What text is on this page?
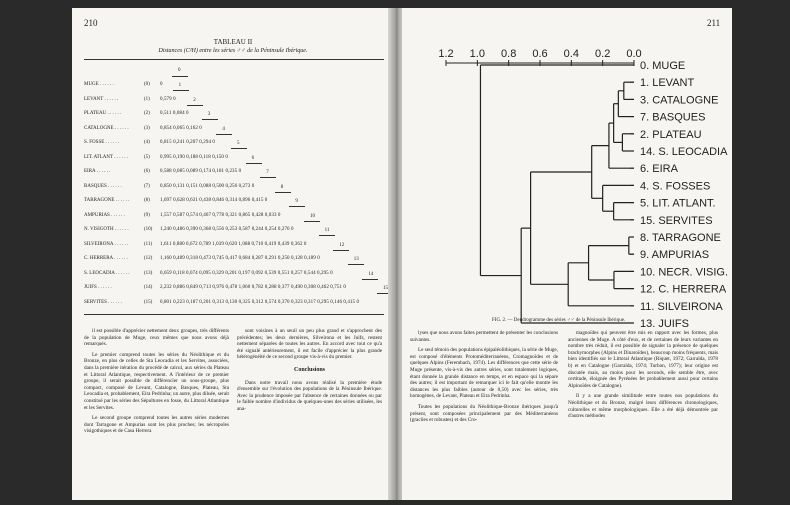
210
TABLEAU II
Distances (C²H) entre les séries ♂♂ de la Péninsule Ibérique.
0
MUGE . . . . . .	(0)	0	1
LEVANT . . . . . .	(1)	0,579 0	2
PLATEAU . . . . . .	(2)	0,511 0,084 0	3
CATALOGNE . . . . . .	(3)	0,854 0,065 0,162 0	4
S. FOSSE . . . . . .	(4)	0,815 0,241 0,207 0,294 0	5
LIT. ATLANT . . . . . .	(5)	0,995 0,190 0,188 0,118 0,150 0	6
EIRA . . . . . .	(6)	0,588 0,085 0,089 0,174 0,181 0,235 0	7
BASQUES . . . . . .	(7)	0,850 0,131 0,151 0,088 0,500 0,256 0,273 0	8
TARRAGONE . . . . . .	(8)	1,697 0,628 0,631 0,438 0,846 0,314 0,896 0,415 0	9
AMPURIAS . . . . . .	(9)	1,557 0,587 0,574 0,467 0,778 0,321 0,865 0,428 0,033 0	10
N. VISIGOTH . . . . . .	(10)	1,240 0,486 0,390 0,368 0,556 0,253 0,587 0,244 0,254 0,276 0	11
SILVEIRONA . . . . . .	(11)	1,611 0,880 0,672 0,789 1,039 0,620 1,088 0,710 0,419 0,439 0,362 0	12
C. HERRERA . . . . . .	(12)	1,160 0,489 0,318 0,473 0,745 0,417 0,684 0,287 0,291 0,250 0,128 0,189 0	13
S. LEOCADIA . . . . . .	(13)	0,659 0,118 0,074 0,095 0,329 0,201 0,197 0,092 0,539 0,551 0,257 0,544 0,295 0	14
JUIFS . . . . . .	(14)	2,232 0,886 0,849 0,713 0,976 0,478 1,060 0,782 0,288 0,377 0,490 0,308 0,462 0,751 0	15
SERVITES . . . . . .	(15)	0,801 0,223 0,187 0,201 0,313 0,130 0,325 0,312 0,574 0,370 0,323 0,317 0,295 0,146 0,415 0

il est possible d'apprécier nettement deux groupes, très différents de la population de Muge, ceux mêmes que nous avons déjà remarqués.

Le premier comprend toutes les séries du Néolithique et du Bronze, en plus de celles de Sta Leocadia et les Servites, associées, dans la première itération du procédé de calcul, aux séries du Plateau et Littoral Atlantique, respectivement. A l'intérieur de ce premier groupe, il serait possible de différencier un sous-groupe, plus compact, composé de Levant, Catalogne, Basques, Plateau, Sta Leocadia et, probablement, Eira Pedrinha; un autre, plus diluée, serait constitué par les séries des Sépultures en fosse, du Littoral Atlantique et les Servites.

Le second groupe comprend toutes les autres séries modernes dont Tarragone et Ampurias sont les plus proches; les nécropoles visigothiques et de Casa Herrera

sont voisines à un seuil un peu plus grand et s'approchent des précédentes; les deux dernières, Silveirona et les Juifs, restent nettement séparées de toutes les autres. En accord avec tout ce qu'a été signalé antérieurement, il est facile d'apprécier la plus grande hétérogénéité de ce second groupe vis-à-vis du premier.

Conclusions

Dans notre travail nous avons réalisé la première étude d'ensemble sur l'évolution des populations de la Péninsule Ibérique. Avec la prudence imposée par l'absence de certaines données ou par le faible nombre d'individus de quelques-unes des séries utilisées, les ana-

211
1.2 1.0 0.8 0.6 0.4 0.2 0.0
0. MUGE
1. LEVANT
3. CATALOGNE
7. BASQUES
2. PLATEAU
14. S. LEOCADIA
6. EIRA
4. S. FOSSES
5. LIT. ATLANT.
15. SERVITES
8. TARRAGONE
9. AMPURIAS
10. NECR. VISIG.
12. C. HERRERA
11. SILVEIRONA
13. JUIFS
FIG. 2. — Dendrogramme des séries ♂♂ de la Péninsule Ibérique.

lyses que nous avons faites permettent de présenter les conclusions suivantes.

Le seul témoin des populations épipaléolithiques, la série de Muge, est composé d'éléments Protoméditerranéens, Cromagnoïdes et de quelques Alpins (Ferembach, 1974). Les différences que cette série de Muge présente, vis-à-vis des autres séries, sont totalement logiques, étant donnée la grande distance en temps, et en espace qui la sépare des autres; il est important de remarquer ici le fait qu'elle montre les distances les plus faibles (autour de 0,50) avec les séries, très homogènes, de Levant, Plateau et Eira Pedrinha.

Toutes les populations du Néolithique-Bronze ibériques jusqu'à présent, sont composées principalement par des Méditerranéens (graciles et robustes) et des Cro-

magnoïdes qui peuvent être mis en rapport avec les formes, plus anciennes de Muge. A côté d'eux, et de certaines de leurs variantes en nombre très réduit, il est possible de signaler la présence de quelques brachymorphes (Alpins et Dinaroïdes), beaucoup moins fréquents, mais bien identifiés sur le Littoral Atlantique (Riquet, 1972; Garralda, 1978 b) et en Catalogne (Garralda, 1974; Turbon, 1977); leur origine est discutée mais, au moins pour les seconds, elle semble être, avec certitude, éloignée des Pyrénées fet probablement aussi pour certains Alpinoïdes de Catalogne).

Il y a une grande similitude entre toutes nos populations du Néolithique et du Bronze, malgré leurs différences chronologiques, culturelles et même morphologiques. Elle a été déjà démontrée par d'autres méthodes
